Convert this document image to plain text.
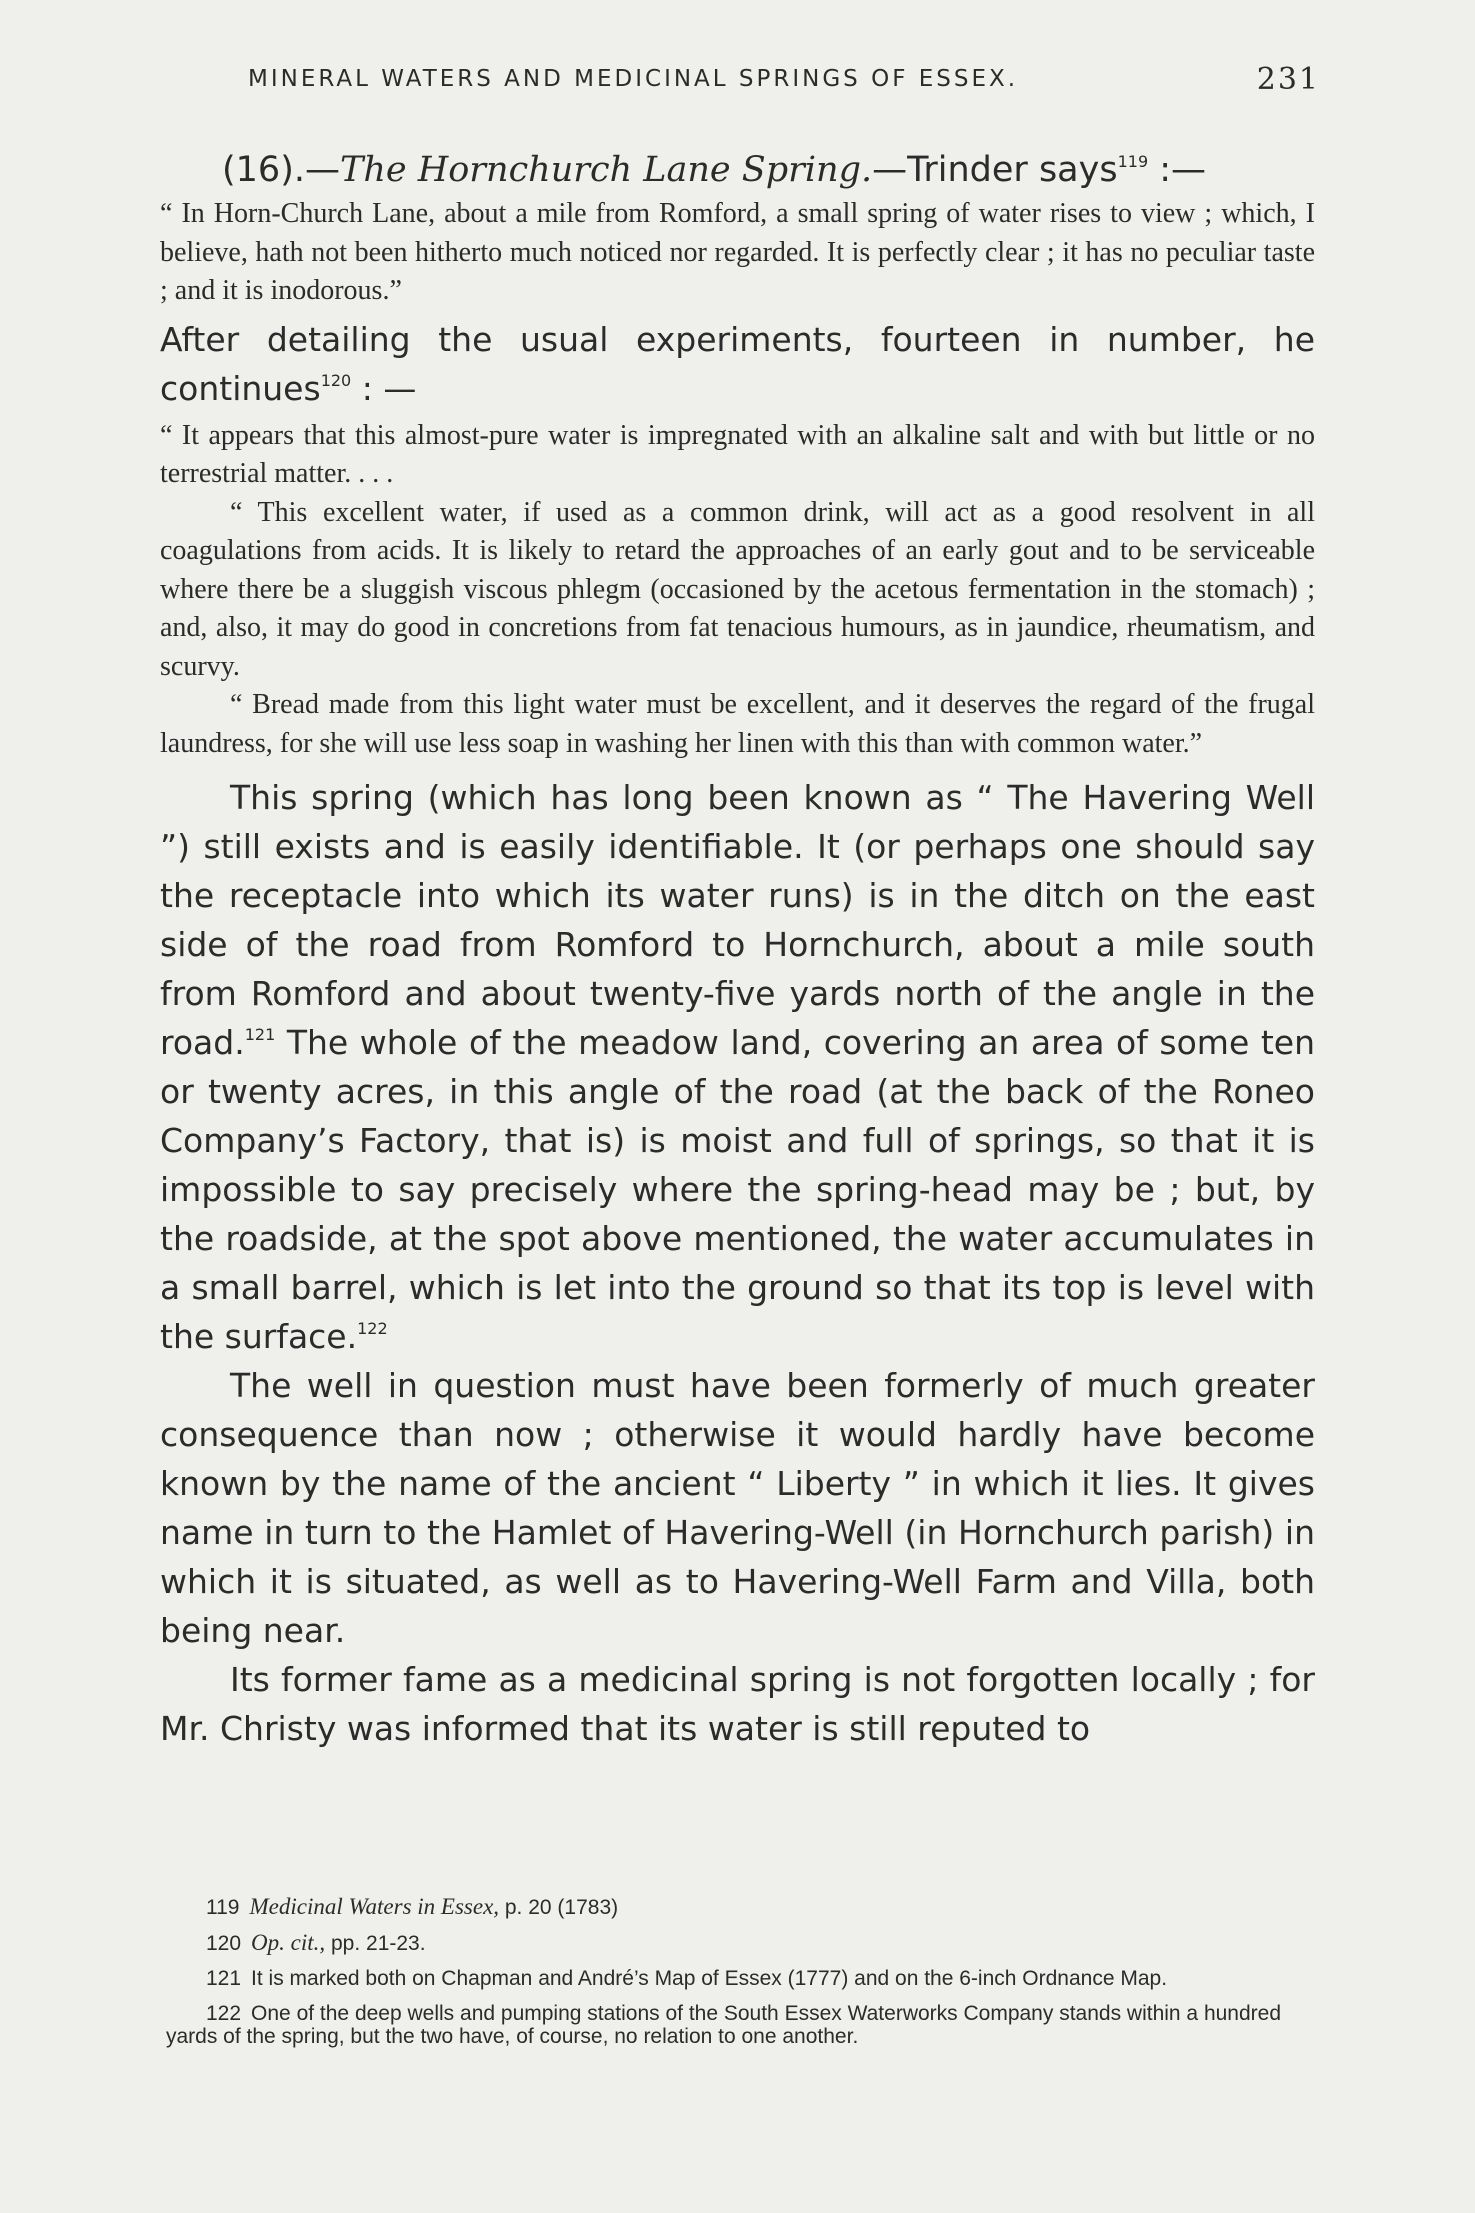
MINERAL WATERS AND MEDICINAL SPRINGS OF ESSEX.	231

(16).—The Hornchurch Lane Spring.—Trinder says$^{119}$ :—

“ In Horn-Church Lane, about a mile from Romford, a small spring of water rises to view ; which, I believe, hath not been hitherto much noticed nor regarded. It is perfectly clear ; it has no peculiar taste ; and it is inodorous.”

After detailing the usual experiments, fourteen in number, he continues$^{120}$ : —

“ It appears that this almost-pure water is impregnated with an alkaline salt and with but little or no terrestrial matter. . . .

“ This excellent water, if used as a common drink, will act as a good resolvent in all coagulations from acids. It is likely to retard the approaches of an early gout and to be serviceable where there be a sluggish viscous phlegm (occasioned by the acetous fermentation in the stomach) ; and, also, it may do good in concretions from fat tenacious humours, as in jaundice, rheumatism, and scurvy.

“ Bread made from this light water must be excellent, and it deserves the regard of the frugal laundress, for she will use less soap in washing her linen with this than with common water.”

This spring (which has long been known as “ The Havering Well ”) still exists and is easily identifiable. It (or perhaps one should say the receptacle into which its water runs) is in the ditch on the east side of the road from Romford to Hornchurch, about a mile south from Romford and about twenty-five yards north of the angle in the road.$^{121}$ The whole of the meadow land, covering an area of some ten or twenty acres, in this angle of the road (at the back of the Roneo Company’s Factory, that is) is moist and full of springs, so that it is impossible to say precisely where the spring-head may be ; but, by the roadside, at the spot above mentioned, the water accumulates in a small barrel, which is let into the ground so that its top is level with the surface.$^{122}$

The well in question must have been formerly of much greater consequence than now ; otherwise it would hardly have become known by the name of the ancient “ Liberty ” in which it lies. It gives name in turn to the Hamlet of Havering-Well (in Hornchurch parish) in which it is situated, as well as to Havering-Well Farm and Villa, both being near.

Its former fame as a medicinal spring is not forgotten locally ; for Mr. Christy was informed that its water is still reputed to

119 Medicinal Waters in Essex, p. 20 (1783)

120 Op. cit., pp. 21-23.

121 It is marked both on Chapman and André’s Map of Essex (1777) and on the 6-inch Ordnance Map.

122 One of the deep wells and pumping stations of the South Essex Waterworks Company stands within a hundred yards of the spring, but the two have, of course, no relation to one another.
